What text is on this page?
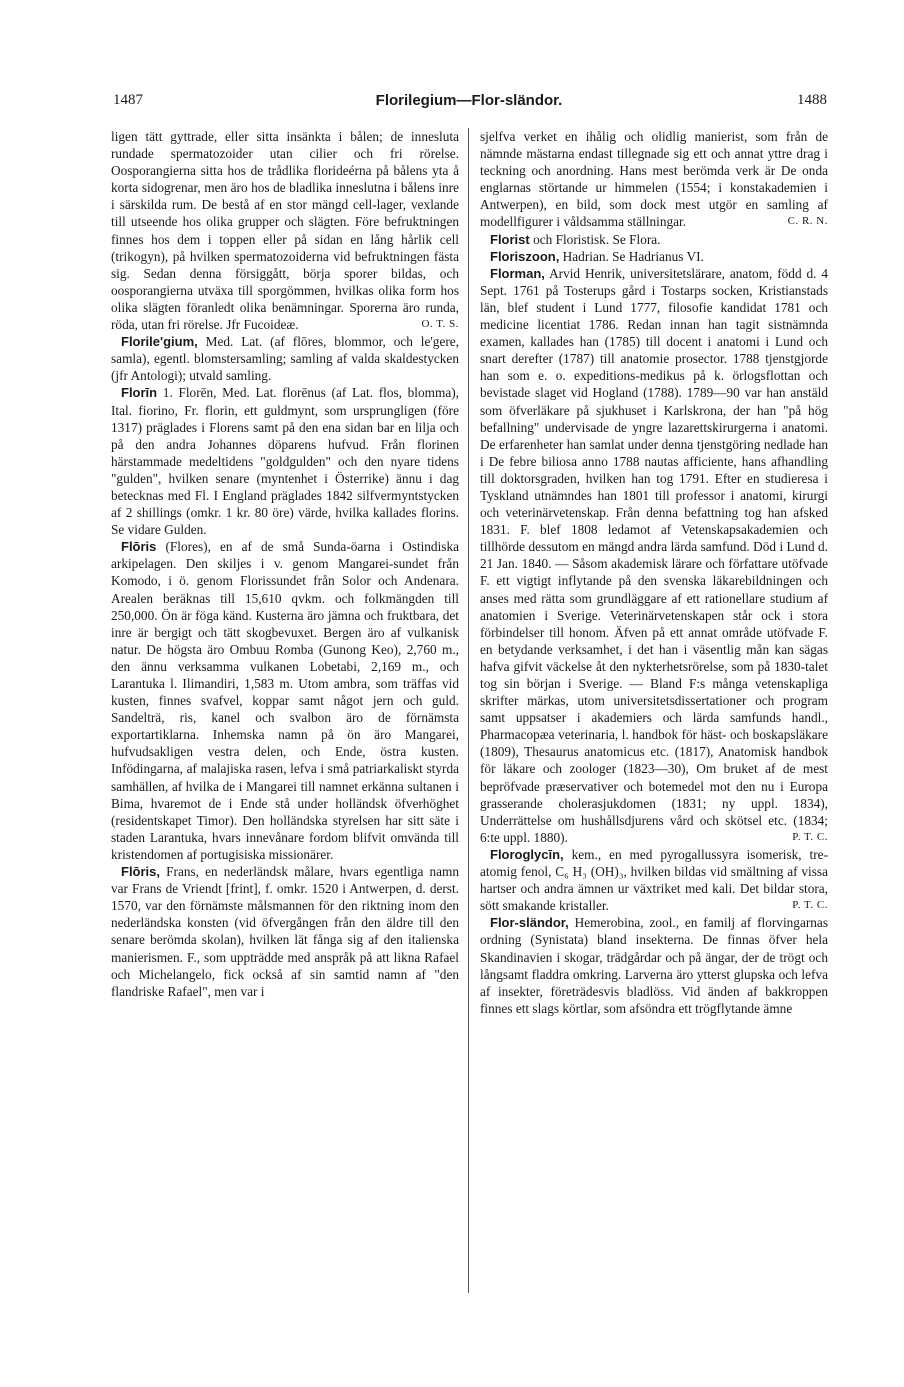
1487	Florilegium—Flor-sländor.	1488

ligen tätt gyttrade, eller sitta insänkta i bålen; de innesluta rundade spermatozoider utan cilier och fri rörelse. Oosporangierna sitta hos de trådlika florideérna på bålens yta å korta sidogrenar, men äro hos de bladlika inneslutna i bålens inre i särskilda rum. De bestå af en stor mängd cell-lager, vexlande till utseende hos olika grupper och slägten. Före befruktningen finnes hos dem i toppen eller på sidan en lång hårlik cell (trikogyn), på hvilken spermatozoiderna vid befruktningen fästa sig. Sedan denna försiggått, börja sporer bildas, och oosporangierna utväxa till sporgömmen, hvilkas olika form hos olika slägten föranledt olika benämningar. Sporerna äro runda, röda, utan fri rörelse. Jfr Fucoideæ.	O. T. S.

Florile'gium, Med. Lat. (af flōres, blommor, och le'gere, samla), egentl. blomstersamling; samling af valda skaldestycken (jfr Antologi); utvald samling.

Florīn 1. Florēn, Med. Lat. florēnus (af Lat. flos, blomma), Ital. fiorino, Fr. florin, ett guldmynt, som ursprungligen (före 1317) präglades i Florens samt på den ena sidan bar en lilja och på den andra Johannes döparens hufvud. Från florinen härstammade medeltidens "goldgulden" och den nyare tidens "gulden", hvilken senare (myntenhet i Österrike) ännu i dag betecknas med Fl. I England präglades 1842 silfvermyntstycken af 2 shillings (omkr. 1 kr. 80 öre) värde, hvilka kallades florins. Se vidare Gulden.

Flōris (Flores), en af de små Sunda-öarna i Ostindiska arkipelagen. Den skiljes i v. genom Mangarei-sundet från Komodo, i ö. genom Florissundet från Solor och Andenara. Arealen beräknas till 15,610 qvkm. och folkmängden till 250,000. Ön är föga känd. Kusterna äro jämna och fruktbara, det inre är bergigt och tätt skogbevuxet. Bergen äro af vulkanisk natur. De högsta äro Ombuu Romba (Gunong Keo), 2,760 m., den ännu verksamma vulkanen Lobetabi, 2,169 m., och Larantuka l. Ilimandiri, 1,583 m. Utom ambra, som träffas vid kusten, finnes svafvel, koppar samt något jern och guld. Sandelträ, ris, kanel och svalbon äro de förnämsta exportartiklarna. Inhemska namn på ön äro Mangarei, hufvudsakligen vestra delen, och Ende, östra kusten. Infödingarna, af malajiska rasen, lefva i små patriarkaliskt styrda samhällen, af hvilka de i Mangarei till namnet erkänna sultanen i Bima, hvaremot de i Ende stå under holländsk öfverhöghet (residentskapet Timor). Den holländska styrelsen har sitt säte i staden Larantuka, hvars innevånare fordom blifvit omvända till kristendomen af portugisiska missionärer.

Flōris, Frans, en nederländsk målare, hvars egentliga namn var Frans de Vriendt [frint], f. omkr. 1520 i Antwerpen, d. derst. 1570, var den förnämste målsmannen för den riktning inom den nederländska konsten (vid öfvergången från den äldre till den senare berömda skolan), hvilken lät fånga sig af den italienska manierismen. F., som uppträdde med anspråk på att likna Rafael och Michelangelo, fick också af sin samtid namn af "den flandriske Rafael", men var i

sjelfva verket en ihålig och olidlig manierist, som från de nämnde mästarna endast tillegnade sig ett och annat yttre drag i teckning och anordning. Hans mest berömda verk är De onda englarnas störtande ur himmelen (1554; i konstakademien i Antwerpen), en bild, som dock mest utgör en samling af modellfigurer i våldsamma ställningar.	C. R. N.

Florist och Floristisk. Se Flora.

Floriszoon, Hadrian. Se Hadrianus VI.

Florman, Arvid Henrik, universitetslärare, anatom, född d. 4 Sept. 1761 på Tosterups gård i Tostarps socken, Kristianstads län, blef student i Lund 1777, filosofie kandidat 1781 och medicine licentiat 1786. Redan innan han tagit sistnämnda examen, kallades han (1785) till docent i anatomi i Lund och snart derefter (1787) till anatomie prosector. 1788 tjenstgjorde han som e. o. expeditions-medikus på k. örlogsflottan och bevistade slaget vid Hogland (1788). 1789—90 var han anstäld som öfverläkare på sjukhuset i Karlskrona, der han "på hög befallning" undervisade de yngre lazarettskirurgerna i anatomi. De erfarenheter han samlat under denna tjenstgöring nedlade han i De febre biliosa anno 1788 nautas afficiente, hans afhandling till doktorsgraden, hvilken han tog 1791. Efter en studieresa i Tyskland utnämndes han 1801 till professor i anatomi, kirurgi och veterinärvetenskap. Från denna befattning tog han afsked 1831. F. blef 1808 ledamot af Vetenskapsakademien och tillhörde dessutom en mängd andra lärda samfund. Död i Lund d. 21 Jan. 1840. — Såsom akademisk lärare och författare utöfvade F. ett vigtigt inflytande på den svenska läkarebildningen och anses med rätta som grundläggare af ett rationellare studium af anatomien i Sverige. Veterinärvetenskapen står ock i stora förbindelser till honom. Äfven på ett annat område utöfvade F. en betydande verksamhet, i det han i väsentlig mån kan sägas hafva gifvit väckelse åt den nykterhetsrörelse, som på 1830-talet tog sin början i Sverige. — Bland F:s många vetenskapliga skrifter märkas, utom universitetsdissertationer och program samt uppsatser i akademiers och lärda samfunds handl., Pharmacopæa veterinaria, l. handbok för häst- och boskapsläkare (1809), Thesaurus anatomicus etc. (1817), Anatomisk handbok för läkare och zoologer (1823—30), Om bruket af de mest bepröfvade præservativer och botemedel mot den nu i Europa grasserande cholerasjukdomen (1831; ny uppl. 1834), Underrättelse om hushållsdjurens vård och skötsel etc. (1834; 6:te uppl. 1880).	P. T. C.

Floroglycīn, kem., en med pyrogallussyra isomerisk, tre-atomig fenol, C₆ H₃ (OH)₃, hvilken bildas vid smältning af vissa hartser och andra ämnen ur växtriket med kali. Det bildar stora, sött smakande kristaller.	P. T. C.

Flor-sländor, Hemerobina, zool., en familj af florvingarnas ordning (Synistata) bland insekterna. De finnas öfver hela Skandinavien i skogar, trädgårdar och på ängar, der de trögt och långsamt fladdra omkring. Larverna äro ytterst glupska och lefva af insekter, företrädesvis bladlöss. Vid änden af bakkroppen finnes ett slags körtlar, som afsöndra ett trögflytande ämne
